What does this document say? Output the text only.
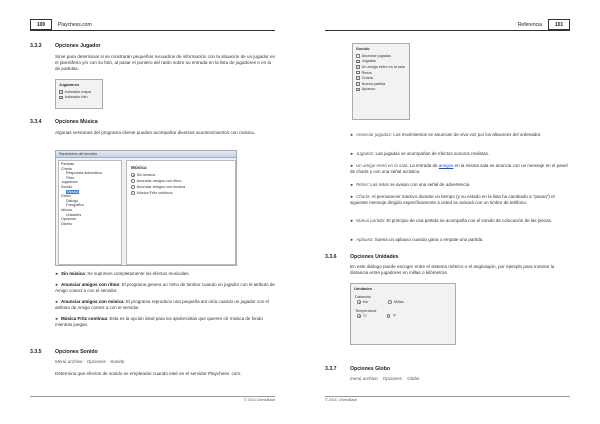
100	Playchess.com
3.3.3	Opciones Jugador
Sirve para determinar si se mostrarán pequeños recuadros de información con la situación de un jugador en el planisferio y/o con su foto, al pasar el puntero del ratón sobre su entrada en la lista de jugadores o en la de partidas.
Jugadores
✓ Indicador mapa
✓ Indicador foto
3.3.4	Opciones Música
Algunas versiones del programa cliente pueden acompañar diversos acontecimientos con música.
Parámetros del servidor
Partidas
Charla
Respuesta automática
Filtro
Jugadores
Sonido
Música
Globo
Diálogo
Fotográfico
Idioma
Unidades
Opciones
Diseño
Música
Sin música
Anunciar amigos con ritmo
Anunciar amigos con música
Música Fritz continua
► Sin música: Se suprimen completamente los efectos musicales.
► Anunciar amigos con ritmo: El programa genera un ritmo de tambor cuando un jugador con el atributo de Amigo conect a con el servidor.
► Anunciar amigos con música: El programa reproduce una pequeña ant onía cuando un jugador con el atributo de Amigo conect a con el servidor.
► Música Fritz continua: Esta es la opción ideal para los ajedrecistas que quieren oír música de fondo mientras juegan.
3.3.5	Opciones Sonido
Menú archivo - Opciones - Sonido
Determina que efectos de sonido se emplearán cuando esté en el servidor Playchess. com.
© 2014 ChessBase
Referencia	101
Sonido
Anunciar jugadas
✓ Jugadas
✓ Un amigo entró en la sala
Retos
✓ Charla
✓ Nueva partida
✓ Aplauso
► Anunciar jugadas: Los movimientos se anuncian de viva voz por los altavoces del ordenador.
► Jugadas: Las jugadas se acompañan de efectos sonoros realistas.
► Un amigo entró en la sala: La entrada de amigos en la misma sala se anuncia con un mensaje en el panel de charla y con una señal acústica.
► Retos: Los retos se avisan con una señal de advertencia.
► Charla: Al permanecer inactivo durante un tiempo (y su estado en la lista ha cambiado a "pausa") el siguiente mensaje dirigido específicamente a usted se avisará con un timbre de teléfono.
► Nueva partida: El principio de una partida se acompaña con el sonido de colocación de las piezas.
► Aplauso: Suena un aplauso cuando gana o empate una partida.
3.3.6	Opciones Unidades
En este diálogo puede escoger entre el sistema métrico o el anglosajón, por ejemplo para mostrar la distancia entre jugadores en millas o kilómetros.
Unidades
Distancia
Km	Millas
Temperatura
°C	°F
3.3.7	Opciones Globo
menú archivo    Opciones    Globo
© 2014, ChessBase
